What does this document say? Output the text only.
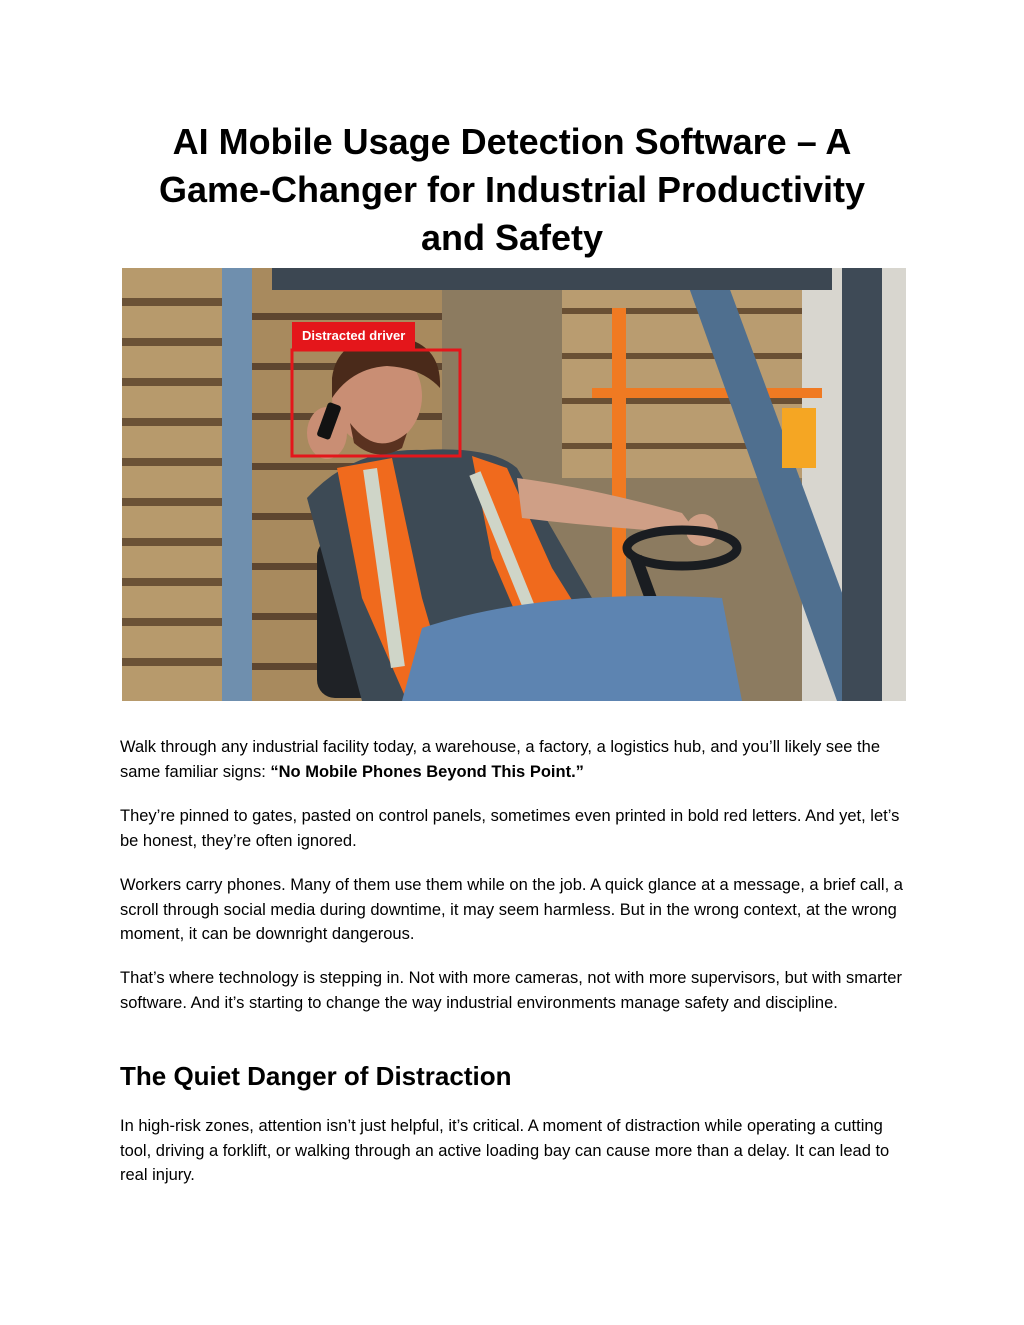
AI Mobile Usage Detection Software – A
Game-Changer for Industrial Productivity
and Safety
Distracted driver

Walk through any industrial facility today, a warehouse, a factory, a logistics hub, and you’ll likely see the same familiar signs: “No Mobile Phones Beyond This Point.”

They’re pinned to gates, pasted on control panels, sometimes even printed in bold red letters. And yet, let’s be honest, they’re often ignored.

Workers carry phones. Many of them use them while on the job. A quick glance at a message, a brief call, a scroll through social media during downtime, it may seem harmless. But in the wrong context, at the wrong moment, it can be downright dangerous.

That’s where technology is stepping in. Not with more cameras, not with more supervisors, but with smarter software. And it’s starting to change the way industrial environments manage safety and discipline.

The Quiet Danger of Distraction

In high-risk zones, attention isn’t just helpful, it’s critical. A moment of distraction while operating a cutting tool, driving a forklift, or walking through an active loading bay can cause more than a delay. It can lead to real injury.
